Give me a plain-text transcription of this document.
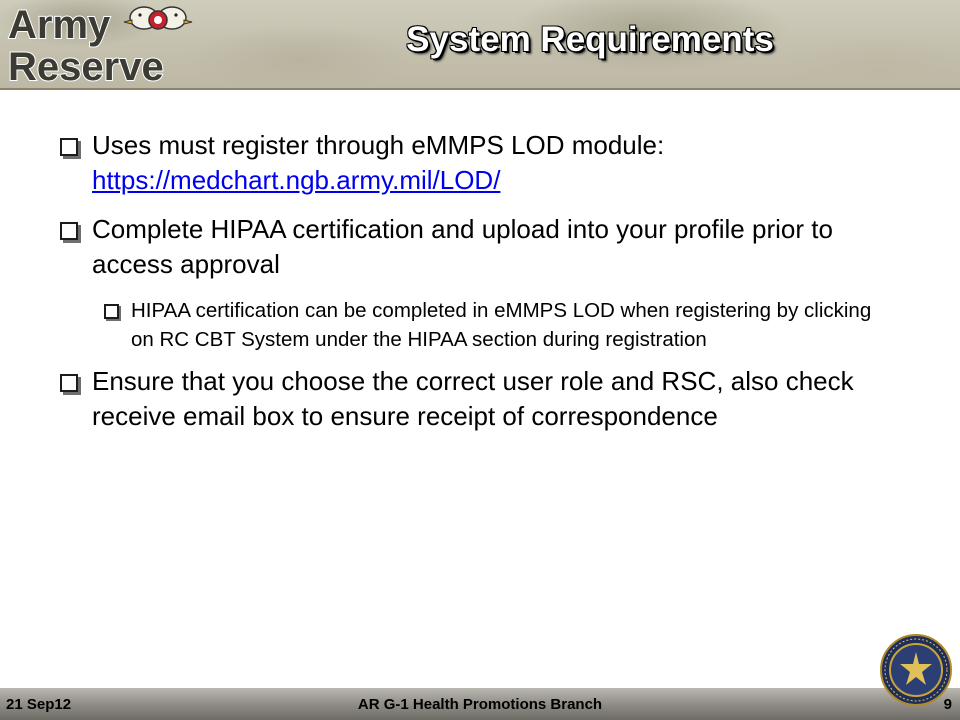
Army
Reserve
System Requirements
Uses must register through eMMPS LOD module: https://medchart.ngb.army.mil/LOD/
Complete HIPAA certification and upload into your profile prior to access approval
HIPAA certification can be completed in eMMPS LOD when registering by clicking on RC CBT System under the HIPAA section during registration
Ensure that you choose the correct user role and RSC, also check receive email box to ensure receipt of correspondence
21 Sep12	AR G-1 Health Promotions Branch	9
